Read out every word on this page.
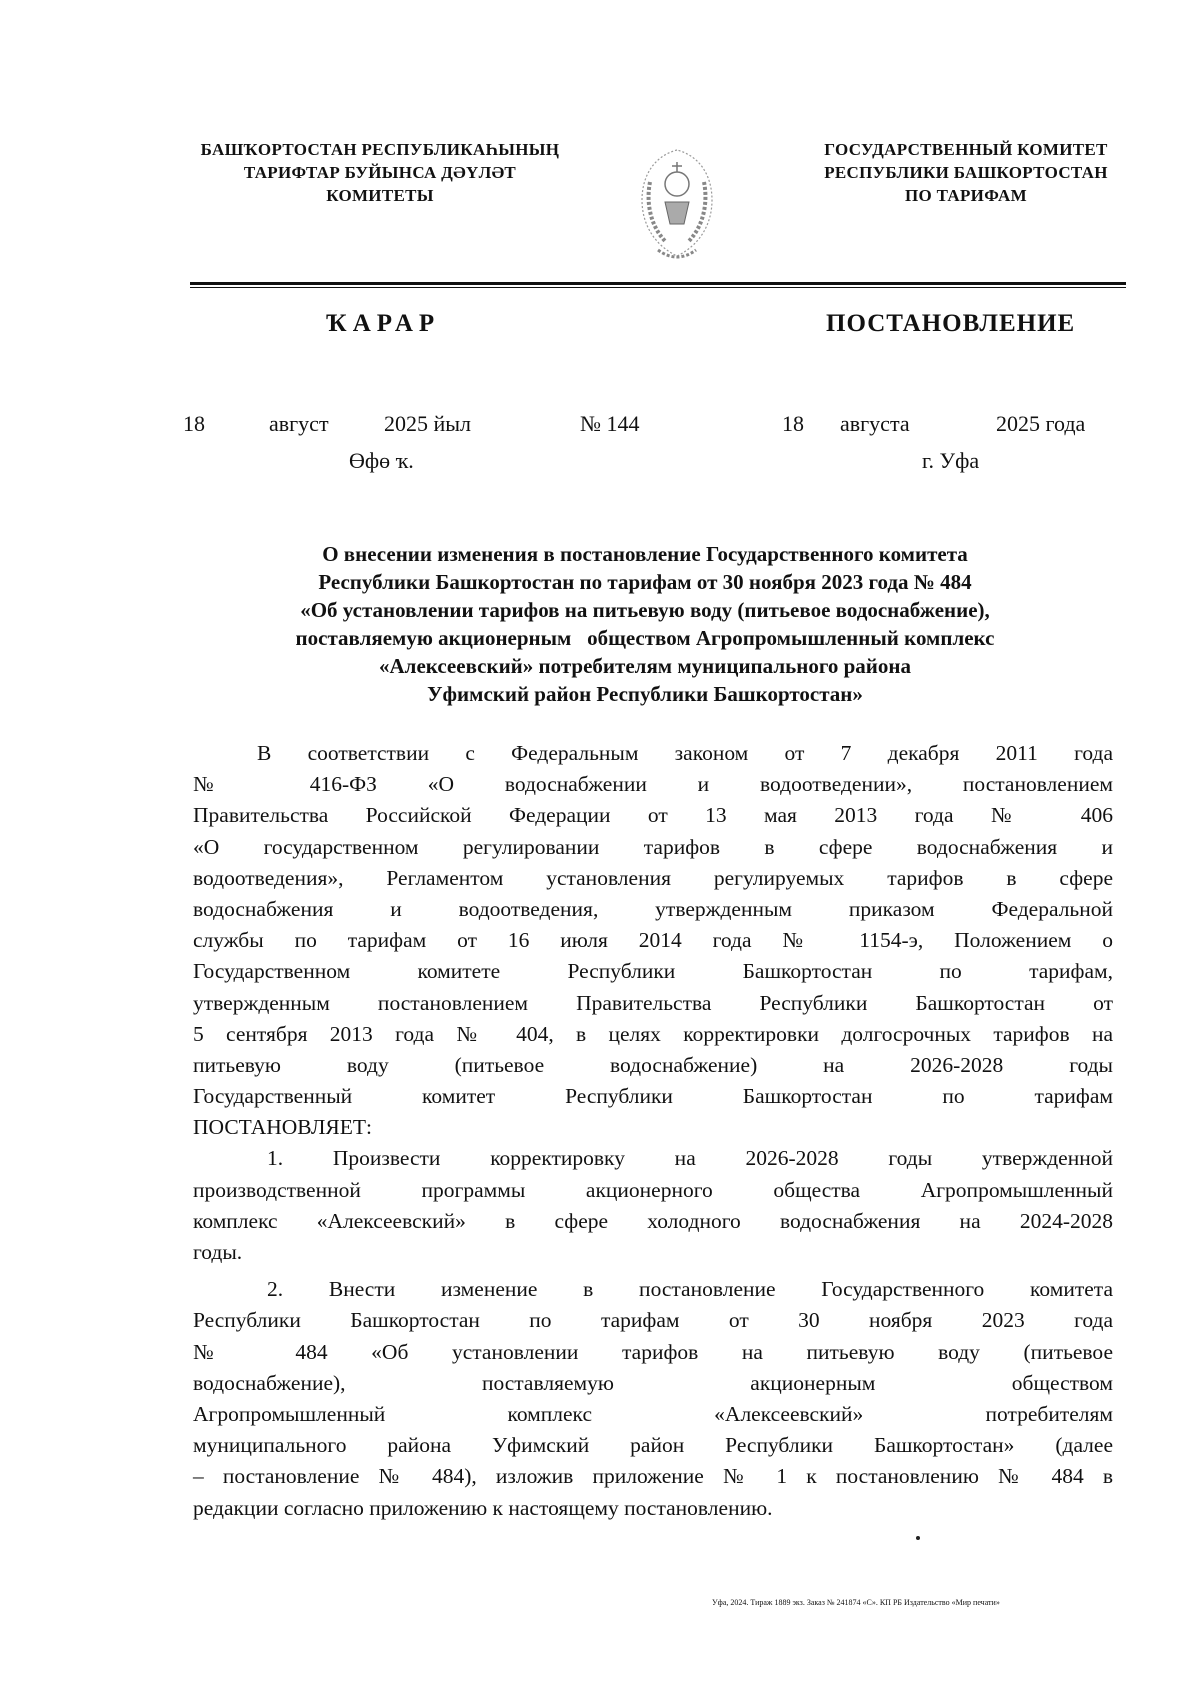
БАШҠОРТОСТАН РЕСПУБЛИКАҺЫНЫҢ
ТАРИФТАР БУЙЫНСА ДӘҮЛӘТ
КОМИТЕТЫ
ГОСУДАРСТВЕННЫЙ КОМИТЕТ
РЕСПУБЛИКИ БАШКОРТОСТАН
ПО ТАРИФАМ
ҠАРАР	ПОСТАНОВЛЕНИЕ
18	август	2025 йыл	№ 144	18 августа	2025 года
Өфө ҡ.	г. Уфа
О внесении изменения в постановление Государственного комитета
Республики Башкортостан по тарифам от 30 ноября 2023 года № 484
«Об установлении тарифов на питьевую воду (питьевое водоснабжение),
поставляемую акционерным   обществом Агропромышленный комплекс
«Алексеевский» потребителям муниципального района
Уфимский район Республики Башкортостан»
В соответствии с Федеральным законом от 7 декабря 2011 года
№ 416-ФЗ «О водоснабжении и водоотведении», постановлением
Правительства Российской Федерации от 13 мая 2013 года № 406
«О государственном регулировании тарифов в сфере водоснабжения и
водоотведения», Регламентом установления регулируемых тарифов в сфере
водоснабжения и водоотведения, утвержденным приказом Федеральной
службы по тарифам от 16 июля 2014 года № 1154-э, Положением о
Государственном комитете Республики Башкортостан по тарифам,
утвержденным постановлением Правительства Республики Башкортостан от
5 сентября 2013 года № 404, в целях корректировки долгосрочных тарифов на
питьевую воду (питьевое водоснабжение) на 2026-2028 годы
Государственный комитет Республики Башкортостан по тарифам
ПОСТАНОВЛЯЕТ:
1. Произвести корректировку на 2026-2028 годы утвержденной
производственной программы акционерного общества Агропромышленный
комплекс «Алексеевский» в сфере холодного водоснабжения на 2024-2028
годы.
2. Внести изменение в постановление Государственного комитета
Республики Башкортостан по тарифам от 30 ноября 2023 года
№ 484 «Об установлении тарифов на питьевую воду (питьевое
водоснабжение), поставляемую акционерным обществом
Агропромышленный комплекс «Алексеевский» потребителям
муниципального района Уфимский район Республики Башкортостан» (далее
– постановление № 484), изложив приложение № 1 к постановлению № 484 в
редакции согласно приложению к настоящему постановлению.
Уфа, 2024. Тираж 1889 экз. Заказ № 241874 «С». КП РБ Издательство «Мир печати»
